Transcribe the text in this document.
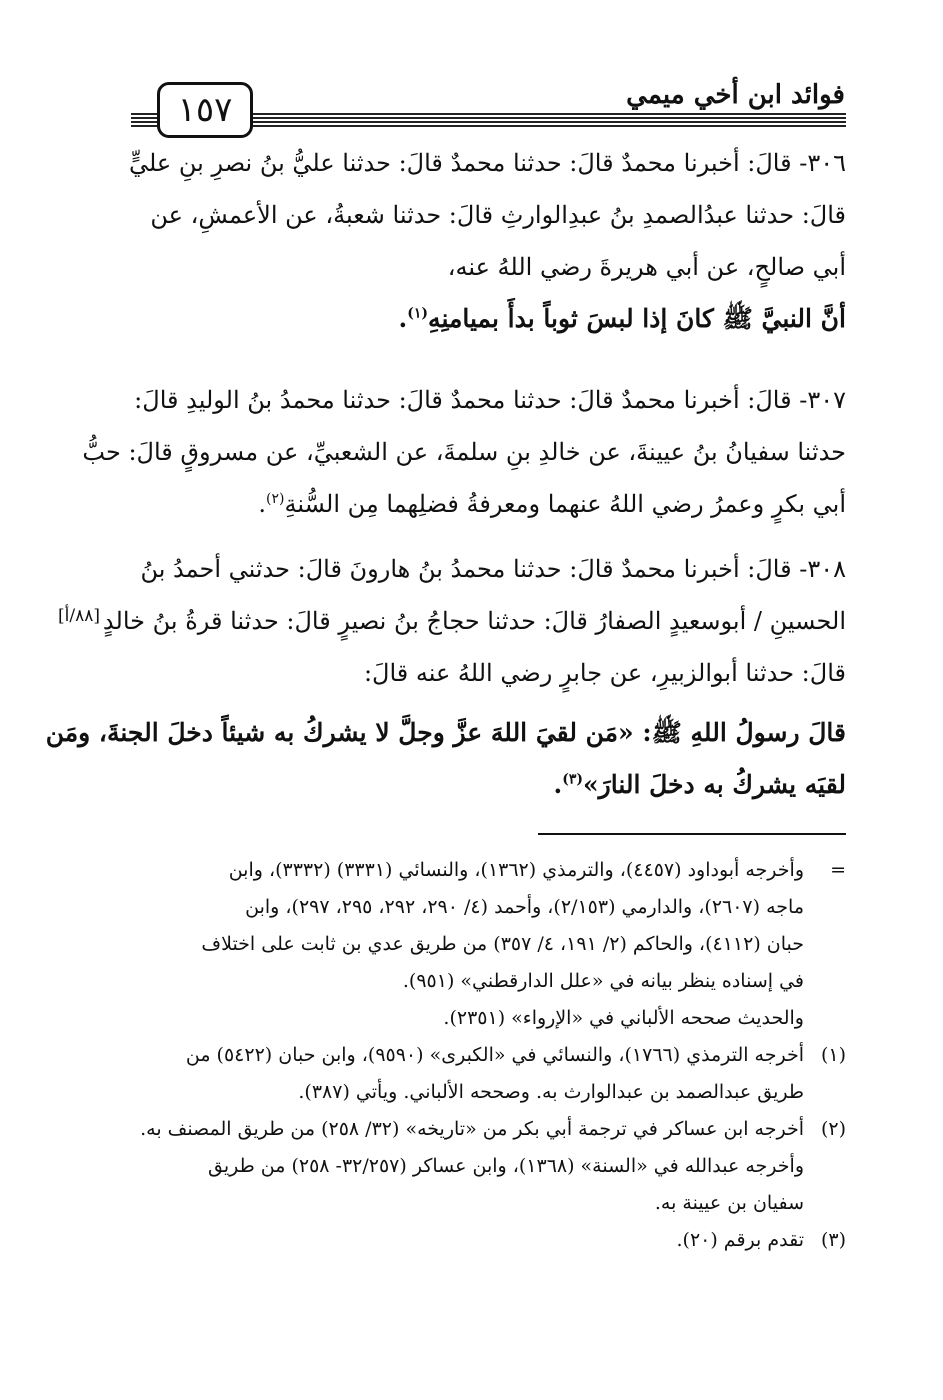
فوائد ابن أخي ميمي
١٥٧
٣٠٦- قالَ: أخبرنا محمدٌ قالَ: حدثنا محمدٌ قالَ: حدثنا عليُّ بنُ نصرِ بنِ عليٍّ
قالَ: حدثنا عبدُالصمدِ بنُ عبدِالوارثِ قالَ: حدثنا شعبةُ، عن الأعمشِ، عن
أبي صالحٍ، عن أبي هريرةَ رضي اللهُ عنه،
أنَّ النبيَّ ﷺ كانَ إذا لبسَ ثوباً بدأَ بميامنِهِ$^{(١)}$.
٣٠٧- قالَ: أخبرنا محمدٌ قالَ: حدثنا محمدٌ قالَ: حدثنا محمدُ بنُ الوليدِ قالَ:
حدثنا سفيانُ بنُ عيينةَ، عن خالدِ بنِ سلمةَ، عن الشعبيِّ، عن مسروقٍ قالَ: حبُّ
أبي بكرٍ وعمرُ رضي اللهُ عنهما ومعرفةُ فضلِهما مِن السُّنةِ$^{(٢)}$.
٣٠٨- قالَ: أخبرنا محمدٌ قالَ: حدثنا محمدُ بنُ هارونَ قالَ: حدثني أحمدُ بنُ
الحسينِ / أبوسعيدٍ الصفارُ قالَ: حدثنا حجاجُ بنُ نصيرٍ قالَ: حدثنا قرةُ بنُ خالدٍ
قالَ: حدثنا أبوالزبيرِ، عن جابرٍ رضي اللهُ عنه قالَ:
قالَ رسولُ اللهِ ﷺ: «مَن لقيَ اللهَ عزَّ وجلَّ لا يشركُ به شيئاً دخلَ الجنةَ، ومَن
لقيَه يشركُ به دخلَ النارَ»$^{(٣)}$.
[٨٨/أ]
=وأخرجه أبوداود (٤٤٥٧)، والترمذي (١٣٦٢)، والنسائي (٣٣٣١) (٣٣٣٢)، وابن
ماجه (٢٦٠٧)، والدارمي (٢/١٥٣)، وأحمد (٤/ ٢٩٠، ٢٩٢، ٢٩٥، ٢٩٧)، وابن
حبان (٤١١٢)، والحاكم (٢/ ١٩١، ٤/ ٣٥٧) من طريق عدي بن ثابت على اختلاف
في إسناده ينظر بيانه في «علل الدارقطني» (٩٥١).
والحديث صححه الألباني في «الإرواء» (٢٣٥١).
(١)أخرجه الترمذي (١٧٦٦)، والنسائي في «الكبرى» (٩٥٩٠)، وابن حبان (٥٤٢٢) من
طريق عبدالصمد بن عبدالوارث به. وصححه الألباني. ويأتي (٣٨٧).
(٢)أخرجه ابن عساكر في ترجمة أبي بكر من «تاريخه» (٣٢/ ٢٥٨) من طريق المصنف به.
وأخرجه عبدالله في «السنة» (١٣٦٨)، وابن عساكر (٣٢/٢٥٧- ٢٥٨) من طريق
سفيان بن عيينة به.
(٣)تقدم برقم (٢٠).
